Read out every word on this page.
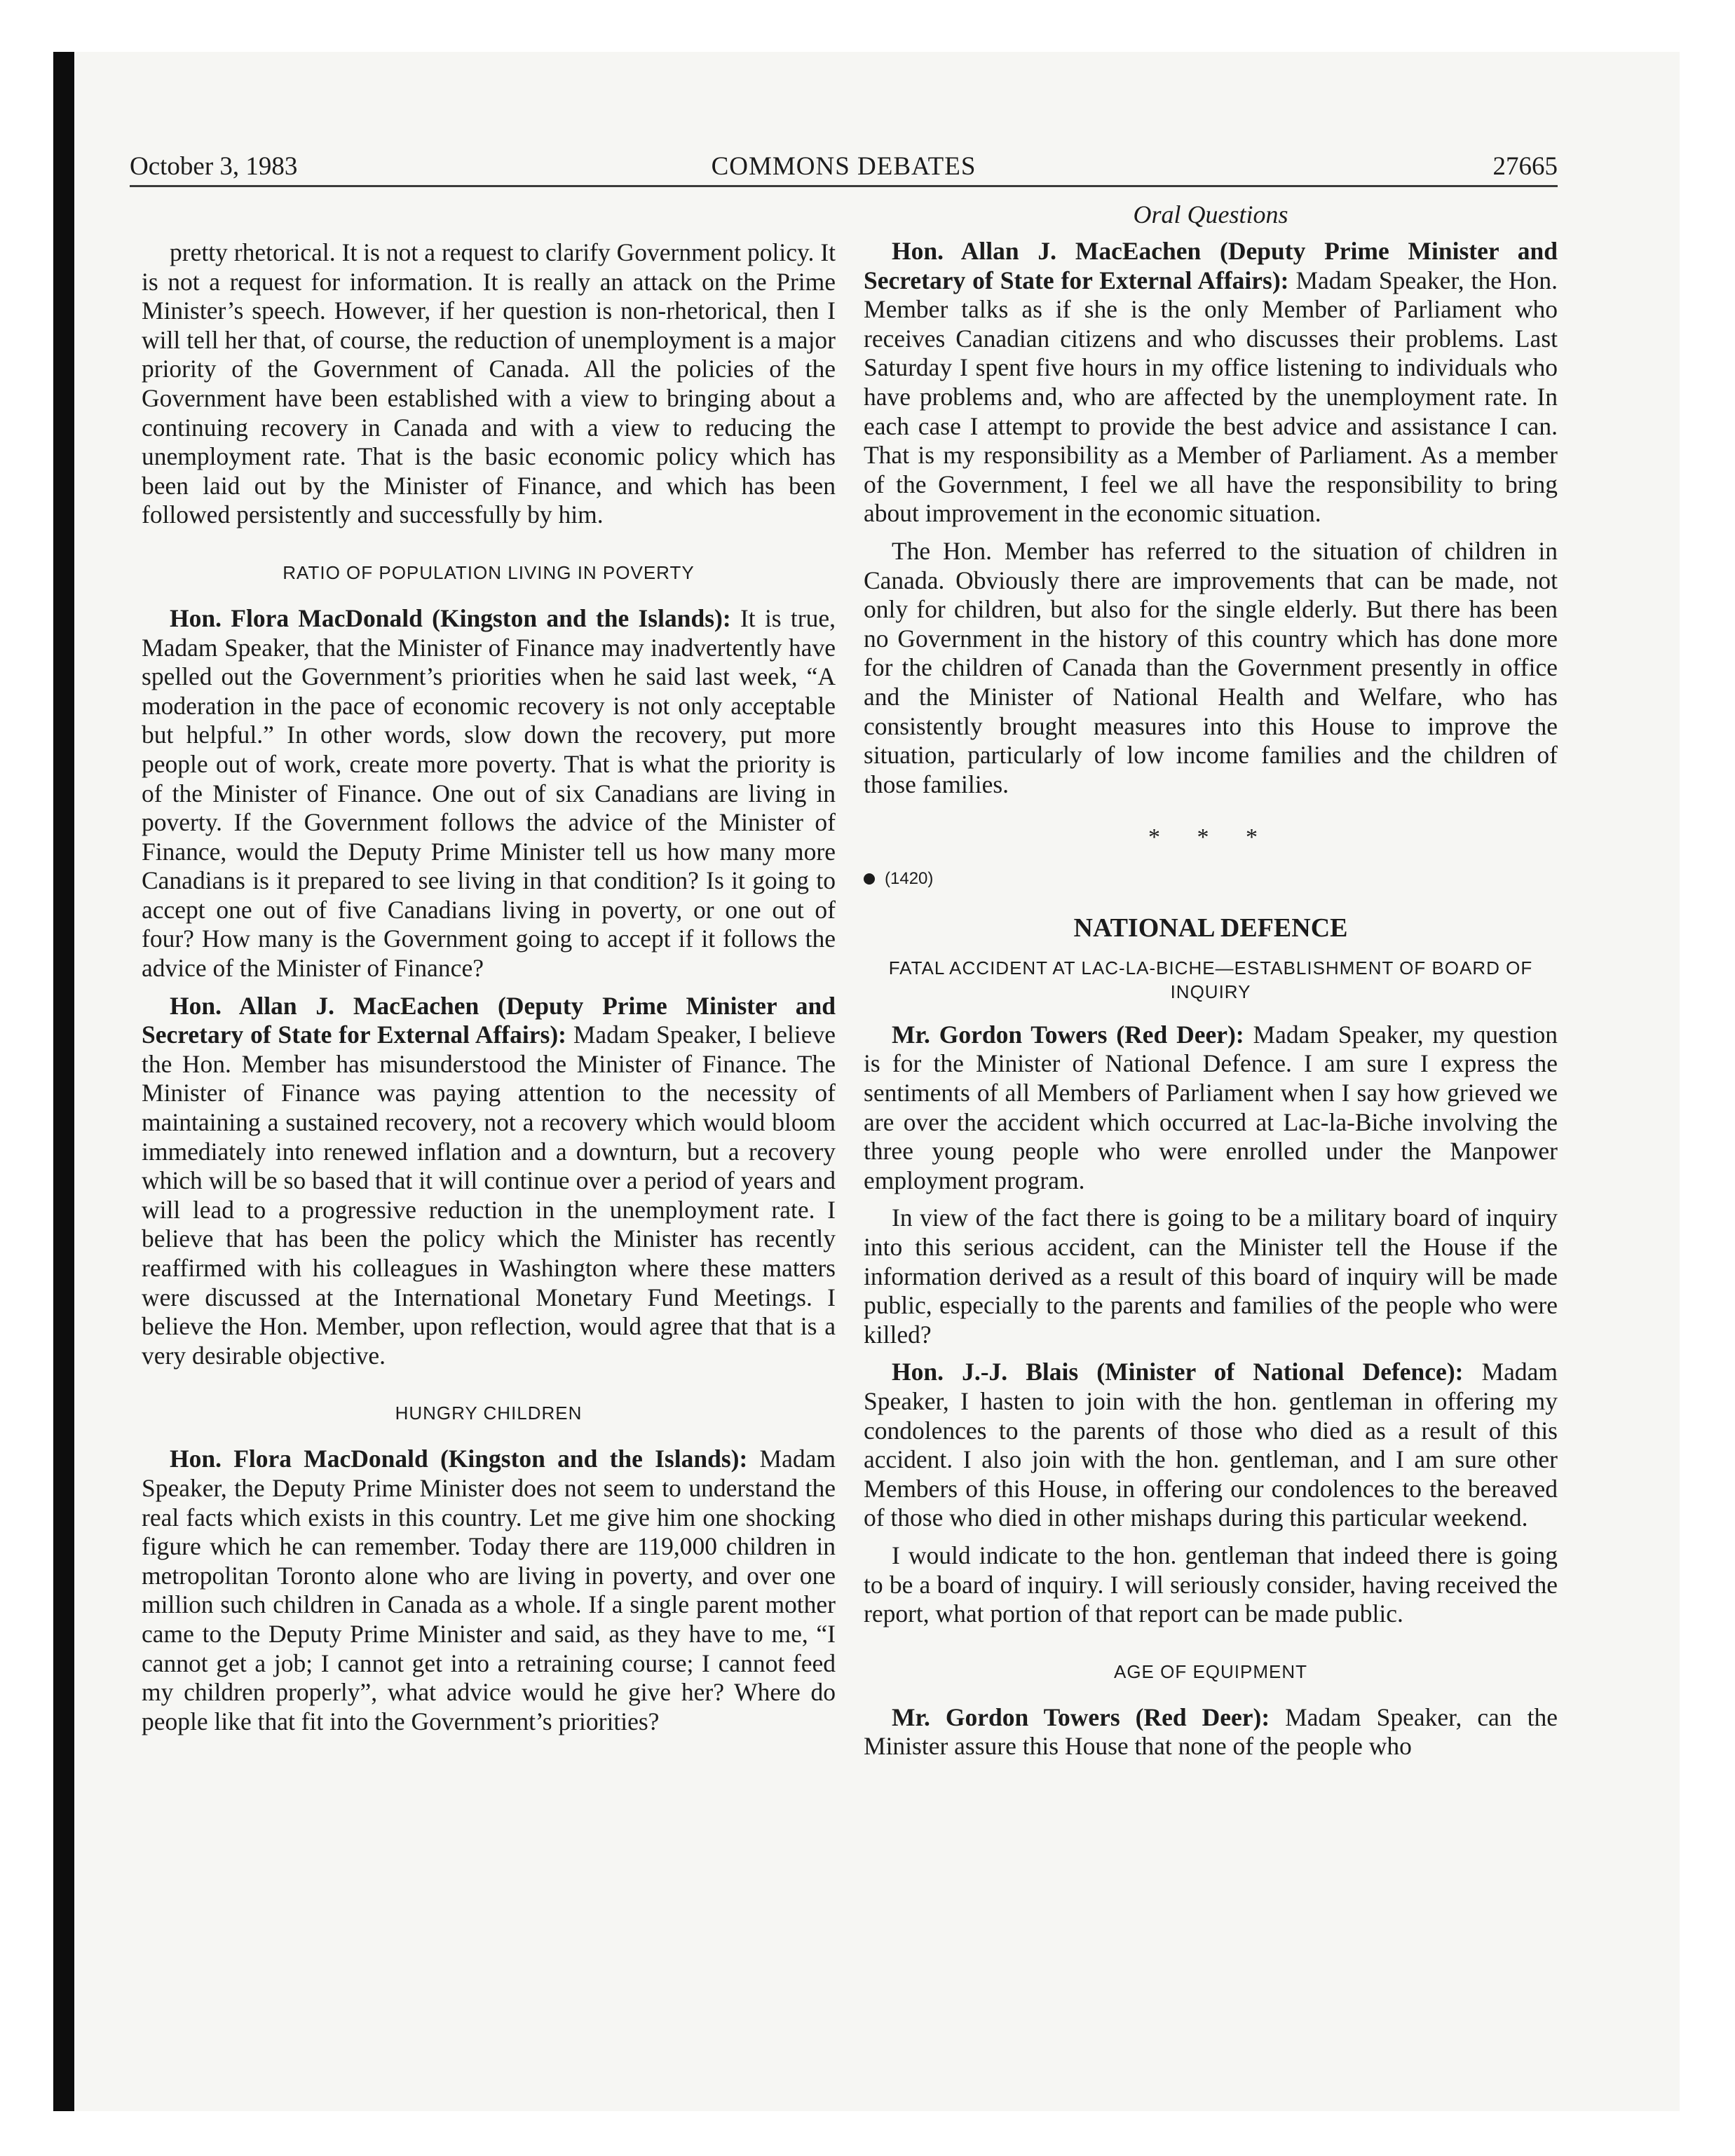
October 3, 1983	COMMONS DEBATES	27665

pretty rhetorical. It is not a request to clarify Government policy. It is not a request for information. It is really an attack on the Prime Minister’s speech. However, if her question is non-rhetorical, then I will tell her that, of course, the reduction of unemployment is a major priority of the Government of Canada. All the policies of the Government have been established with a view to bringing about a continuing recovery in Canada and with a view to reducing the unemployment rate. That is the basic economic policy which has been laid out by the Minister of Finance, and which has been followed persistently and successfully by him.

RATIO OF POPULATION LIVING IN POVERTY

Hon. Flora MacDonald (Kingston and the Islands): It is true, Madam Speaker, that the Minister of Finance may inadvertently have spelled out the Government’s priorities when he said last week, “A moderation in the pace of economic recovery is not only acceptable but helpful.” In other words, slow down the recovery, put more people out of work, create more poverty. That is what the priority is of the Minister of Finance. One out of six Canadians are living in poverty. If the Government follows the advice of the Minister of Finance, would the Deputy Prime Minister tell us how many more Canadians is it prepared to see living in that condition? Is it going to accept one out of five Canadians living in poverty, or one out of four? How many is the Government going to accept if it follows the advice of the Minister of Finance?

Hon. Allan J. MacEachen (Deputy Prime Minister and Secretary of State for External Affairs): Madam Speaker, I believe the Hon. Member has misunderstood the Minister of Finance. The Minister of Finance was paying attention to the necessity of maintaining a sustained recovery, not a recovery which would bloom immediately into renewed inflation and a downturn, but a recovery which will be so based that it will continue over a period of years and will lead to a progressive reduction in the unemployment rate. I believe that has been the policy which the Minister has recently reaffirmed with his colleagues in Washington where these matters were discussed at the International Monetary Fund Meetings. I believe the Hon. Member, upon reflection, would agree that that is a very desirable objective.

HUNGRY CHILDREN

Hon. Flora MacDonald (Kingston and the Islands): Madam Speaker, the Deputy Prime Minister does not seem to understand the real facts which exists in this country. Let me give him one shocking figure which he can remember. Today there are 119,000 children in metropolitan Toronto alone who are living in poverty, and over one million such children in Canada as a whole. If a single parent mother came to the Deputy Prime Minister and said, as they have to me, “I cannot get a job; I cannot get into a retraining course; I cannot feed my children properly”, what advice would he give her? Where do people like that fit into the Government’s priorities?

Oral Questions

Hon. Allan J. MacEachen (Deputy Prime Minister and Secretary of State for External Affairs): Madam Speaker, the Hon. Member talks as if she is the only Member of Parliament who receives Canadian citizens and who discusses their problems. Last Saturday I spent five hours in my office listening to individuals who have problems and, who are affected by the unemployment rate. In each case I attempt to provide the best advice and assistance I can. That is my responsibility as a Member of Parliament. As a member of the Government, I feel we all have the responsibility to bring about improvement in the economic situation.

The Hon. Member has referred to the situation of children in Canada. Obviously there are improvements that can be made, not only for children, but also for the single elderly. But there has been no Government in the history of this country which has done more for the children of Canada than the Government presently in office and the Minister of National Health and Welfare, who has consistently brought measures into this House to improve the situation, particularly of low income families and the children of those families.

* * *
(1420)
NATIONAL DEFENCE
FATAL ACCIDENT AT LAC-LA-BICHE—ESTABLISHMENT OF BOARD OF INQUIRY

Mr. Gordon Towers (Red Deer): Madam Speaker, my question is for the Minister of National Defence. I am sure I express the sentiments of all Members of Parliament when I say how grieved we are over the accident which occurred at Lac-la-Biche involving the three young people who were enrolled under the Manpower employment program.

In view of the fact there is going to be a military board of inquiry into this serious accident, can the Minister tell the House if the information derived as a result of this board of inquiry will be made public, especially to the parents and families of the people who were killed?

Hon. J.-J. Blais (Minister of National Defence): Madam Speaker, I hasten to join with the hon. gentleman in offering my condolences to the parents of those who died as a result of this accident. I also join with the hon. gentleman, and I am sure other Members of this House, in offering our condolences to the bereaved of those who died in other mishaps during this particular weekend.

I would indicate to the hon. gentleman that indeed there is going to be a board of inquiry. I will seriously consider, having received the report, what portion of that report can be made public.

AGE OF EQUIPMENT

Mr. Gordon Towers (Red Deer): Madam Speaker, can the Minister assure this House that none of the people who
